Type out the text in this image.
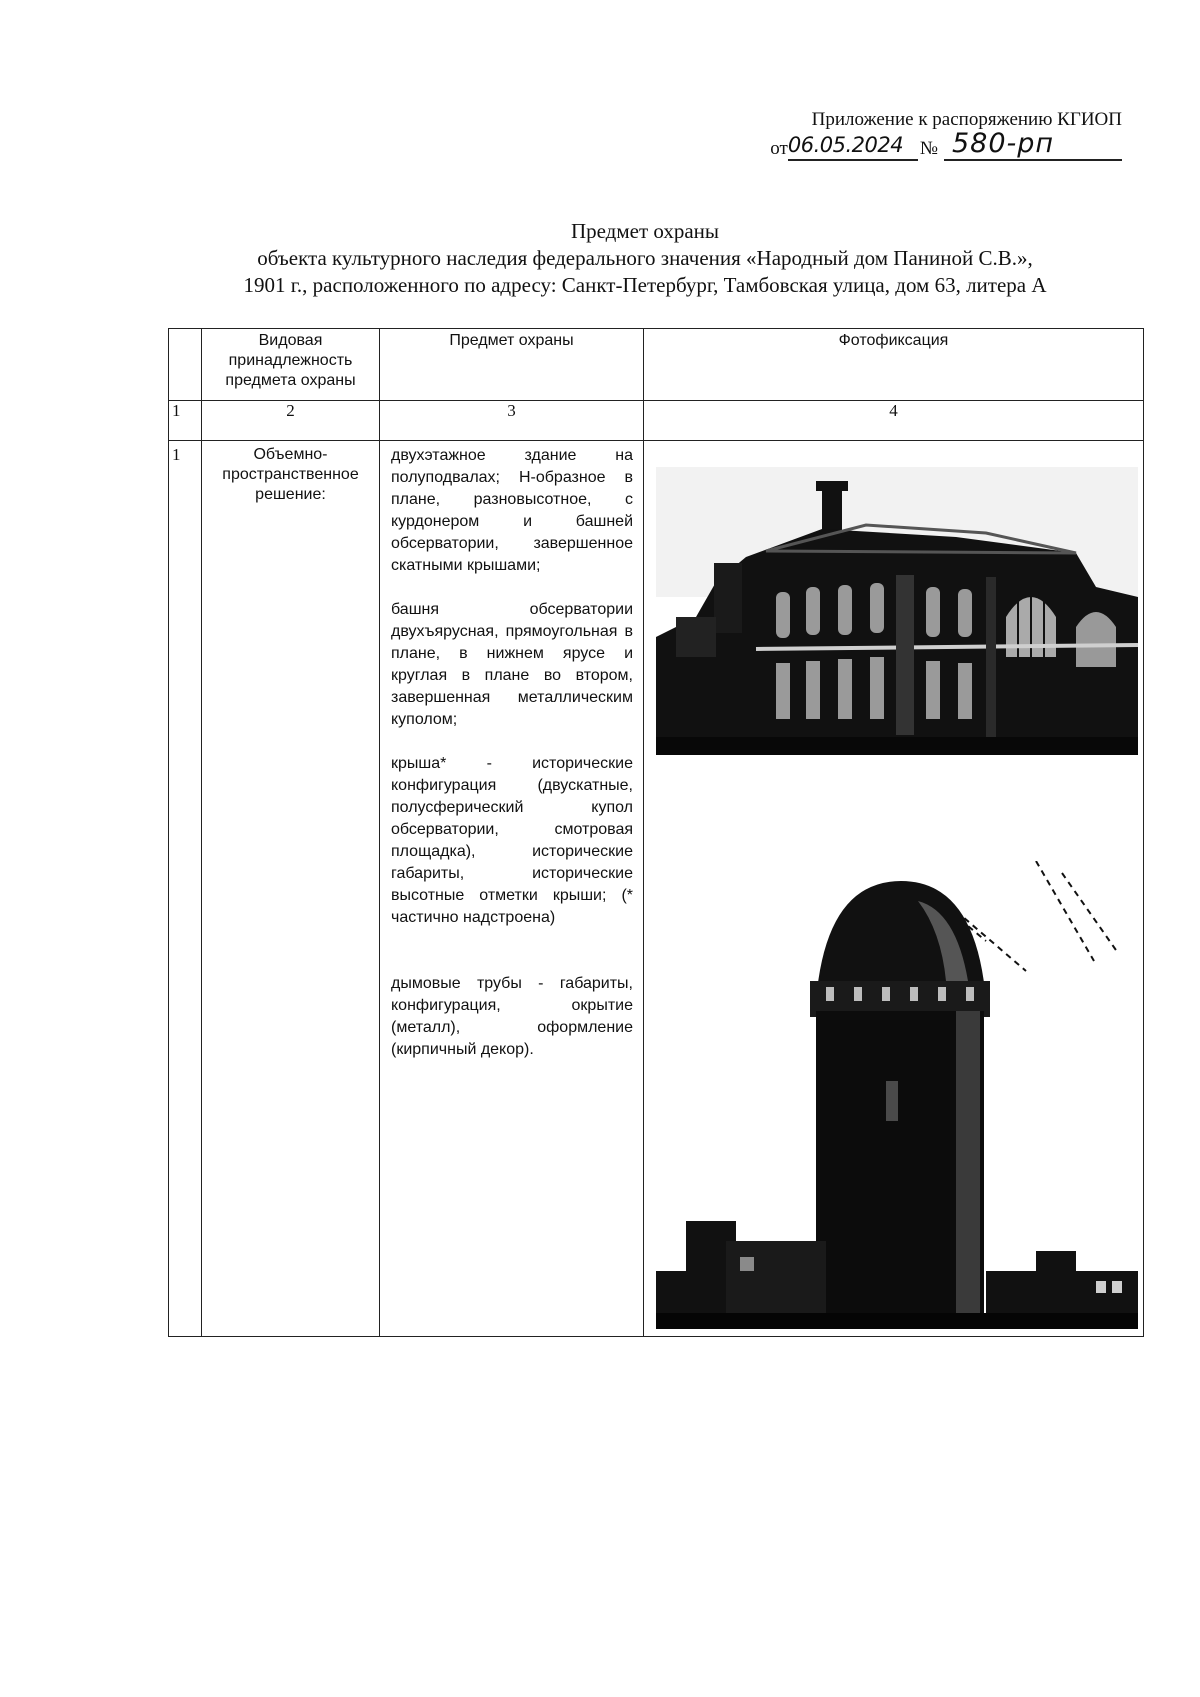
Приложение к распоряжению КГИОП
от 06.05.2024 № 580-рп
Предмет охраны
объекта культурного наследия федерального значения «Народный дом Паниной С.В.»,
1901 г., расположенного по адресу: Санкт-Петербург, Тамбовская улица, дом 63, литера А
	Видовая принадлежность предмета охраны	Предмет охраны	Фотофиксация
1	2	3	4
1	Объемно-пространственное решение:	двухэтажное здание на полуподвалах; Н-образное в плане, разновысотное, с курдонером и башней обсерватории, завершенное скатными крышами;

башня обсерватории двухъярусная, прямоугольная в плане, в нижнем ярусе и круглая в плане во втором, завершенная металлическим куполом;

крыша* - исторические конфигурация (двускатные, полусферический купол обсерватории, смотровая площадка), исторические габариты, исторические высотные отметки крыши; (* частично надстроена)

дымовые трубы - габариты, конфигурация, окрытие (металл), оформление (кирпичный декор).
